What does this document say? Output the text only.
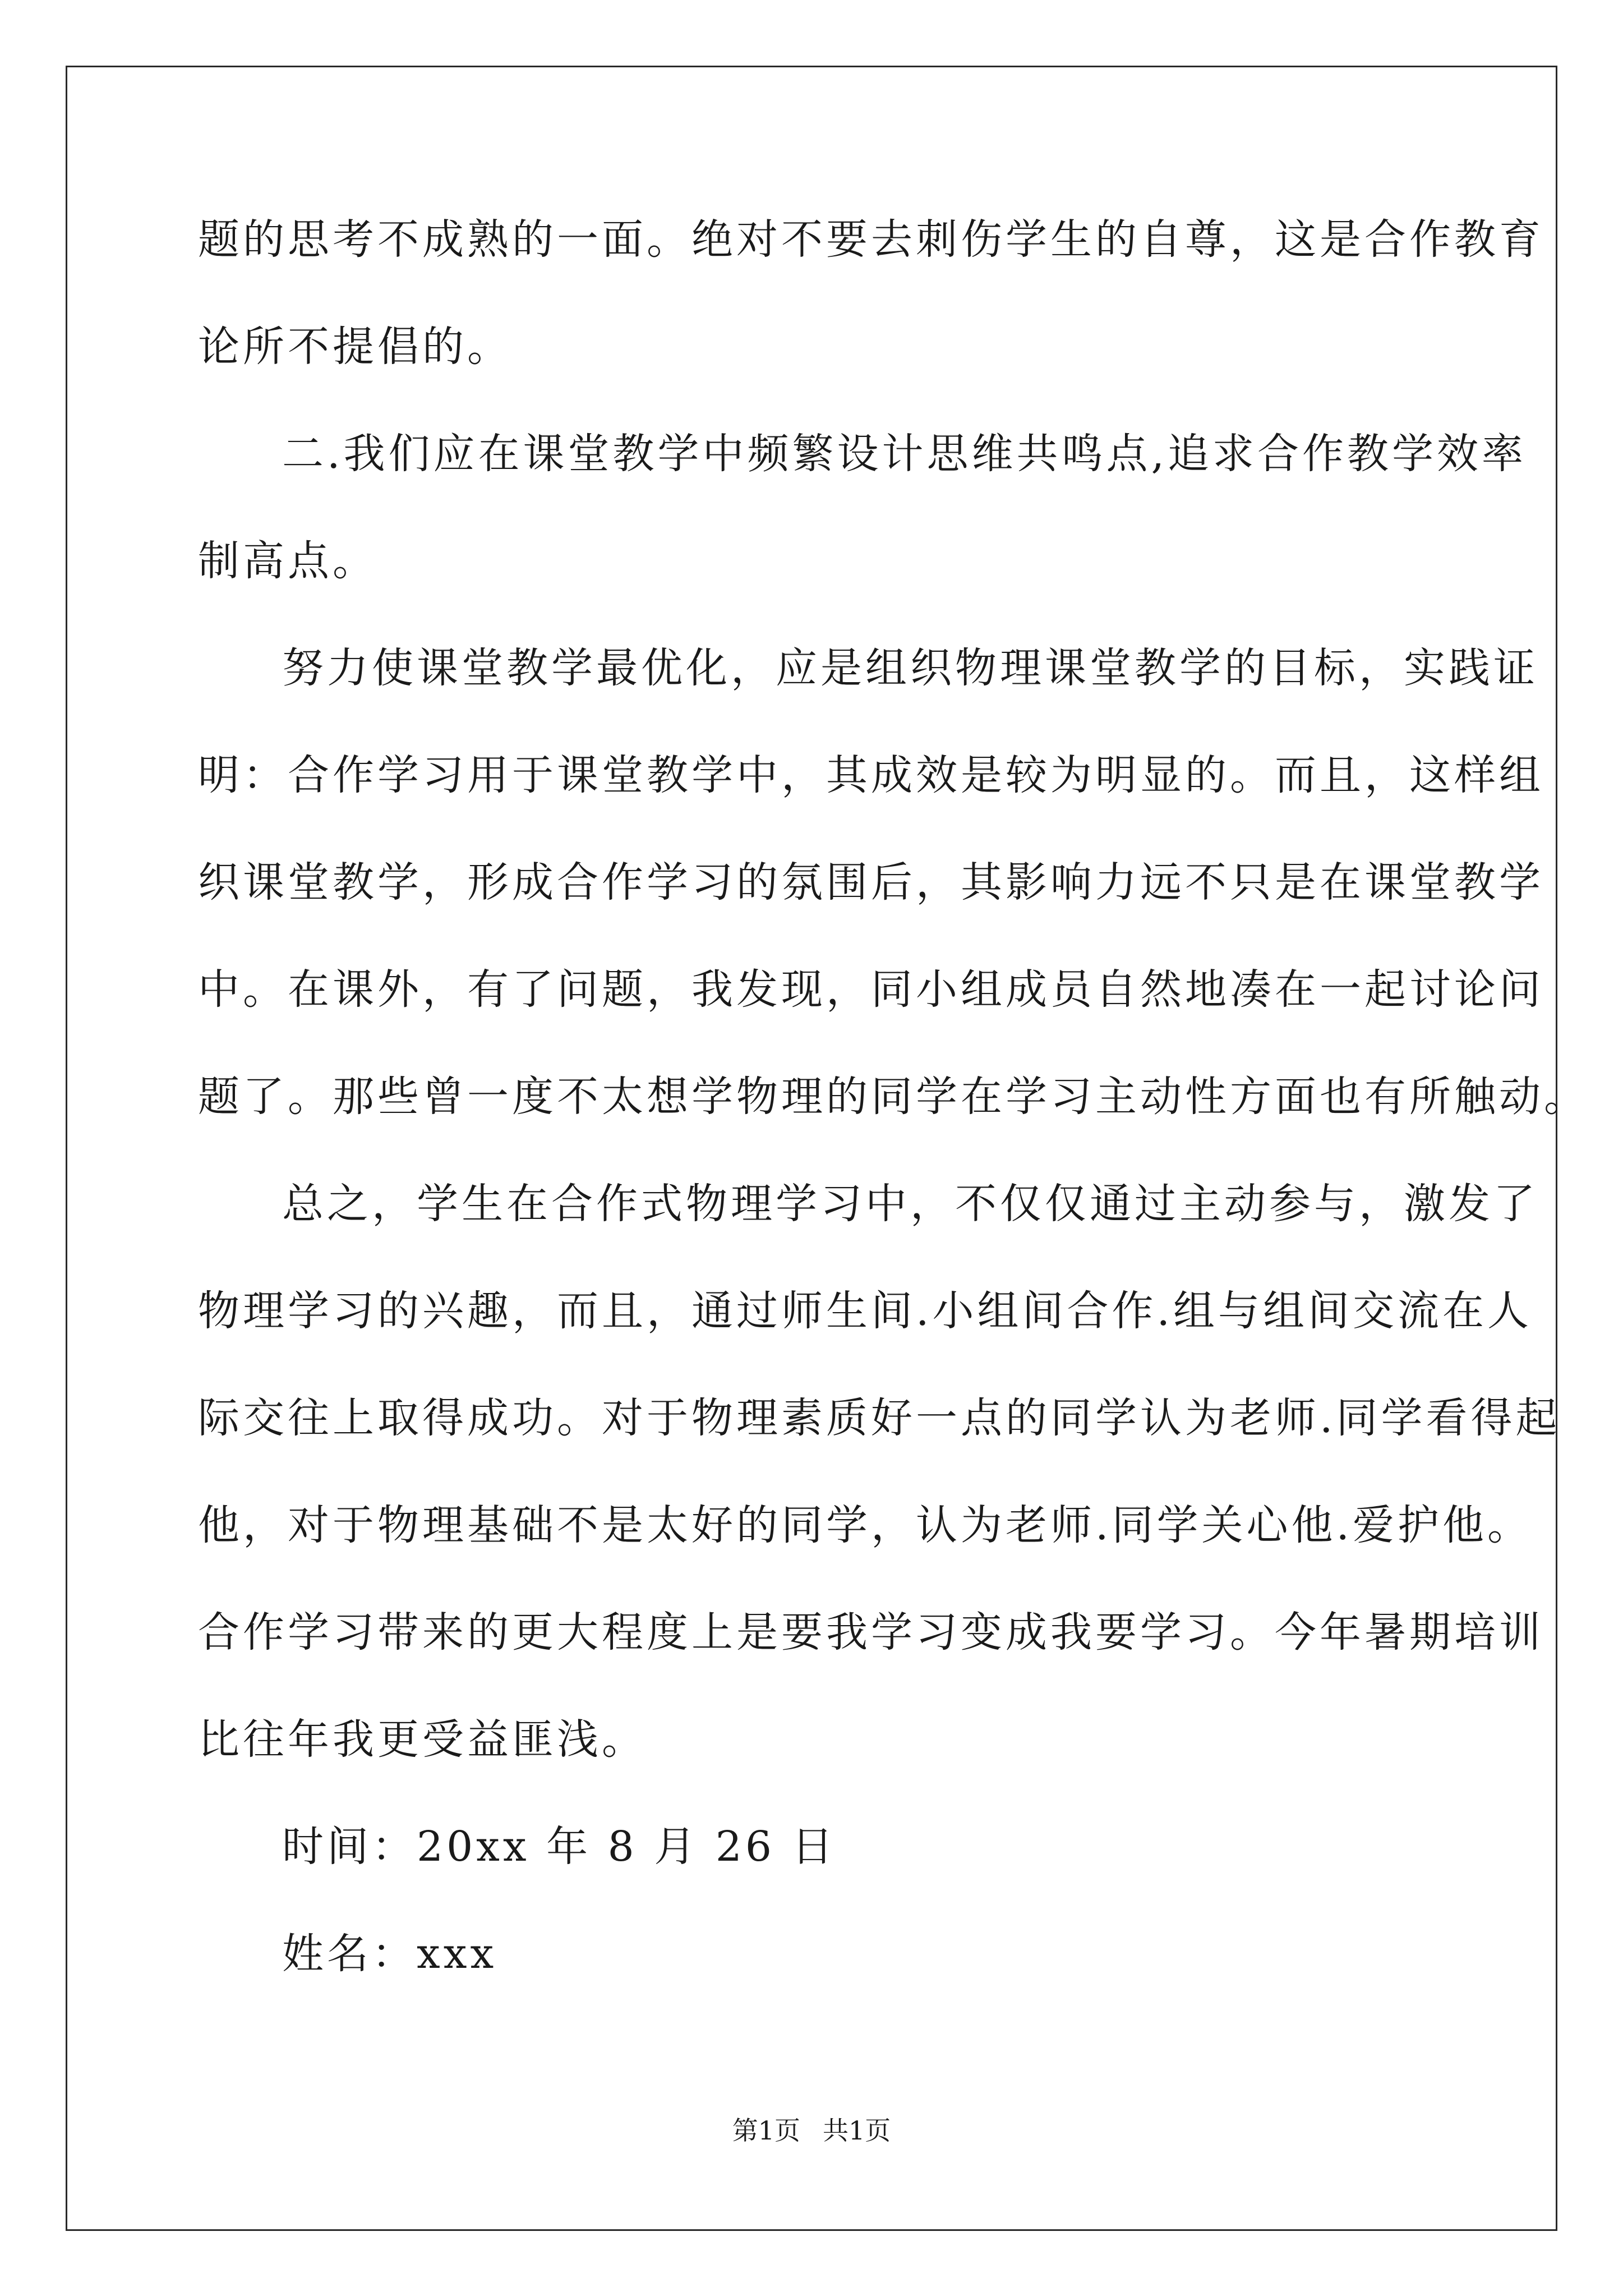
题的思考不成熟的一面。绝对不要去刺伤学生的自尊，这是合作教育
论所不提倡的。
二.我们应在课堂教学中频繁设计思维共鸣点,追求合作教学效率
制高点。
努力使课堂教学最优化，应是组织物理课堂教学的目标，实践证
明：合作学习用于课堂教学中，其成效是较为明显的。而且，这样组
织课堂教学，形成合作学习的氛围后，其影响力远不只是在课堂教学
中。在课外，有了问题，我发现，同小组成员自然地凑在一起讨论问
题了。那些曾一度不太想学物理的同学在学习主动性方面也有所触动。
总之，学生在合作式物理学习中，不仅仅通过主动参与，激发了
物理学习的兴趣，而且，通过师生间.小组间合作.组与组间交流在人
际交往上取得成功。对于物理素质好一点的同学认为老师.同学看得起
他，对于物理基础不是太好的同学，认为老师.同学关心他.爱护他。
合作学习带来的更大程度上是要我学习变成我要学习。今年暑期培训
比往年我更受益匪浅。
时间：20xx 年 8 月 26 日
姓名：xxx
第1页 共1页
